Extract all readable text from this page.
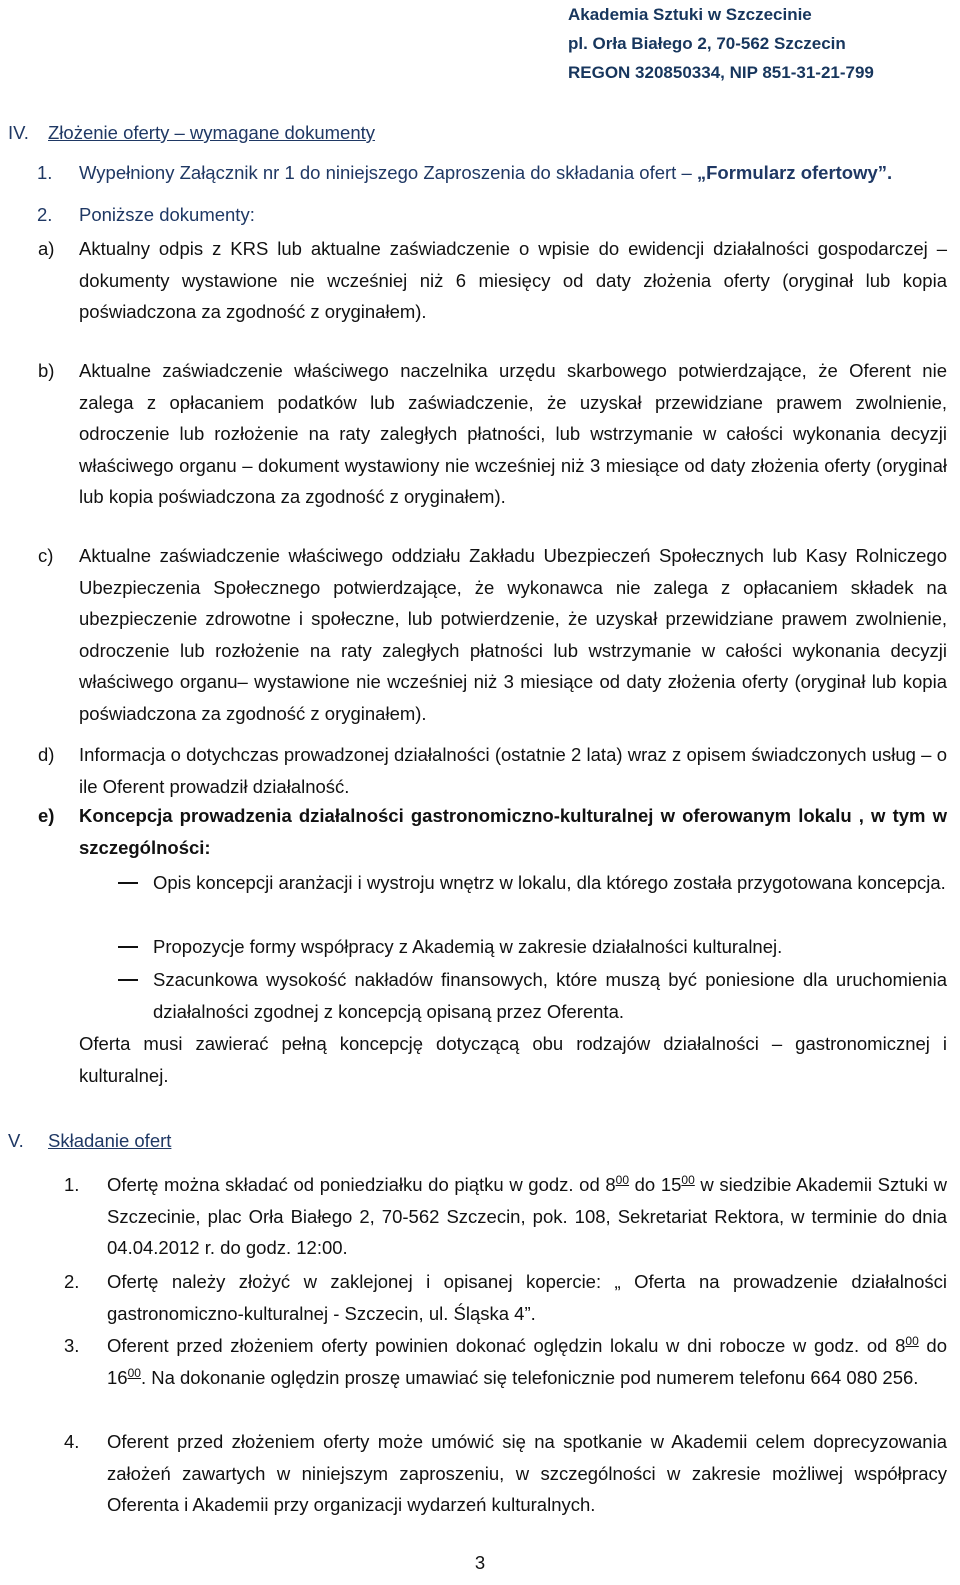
Akademia Sztuki w Szczecinie
pl. Orła Białego 2, 70-562 Szczecin
REGON 320850334, NIP 851-31-21-799
IV. Złożenie oferty – wymagane dokumenty
1. Wypełniony Załącznik nr 1 do niniejszego Zaproszenia do składania ofert – „Formularz ofertowy”.
2. Poniższe dokumenty:
a) Aktualny odpis z KRS lub aktualne zaświadczenie o wpisie do ewidencji działalności gospodarczej – dokumenty wystawione nie wcześniej niż 6 miesięcy od daty złożenia oferty (oryginał lub kopia poświadczona za zgodność z oryginałem).
b) Aktualne zaświadczenie właściwego naczelnika urzędu skarbowego potwierdzające, że Oferent nie zalega z opłacaniem podatków lub zaświadczenie, że uzyskał przewidziane prawem zwolnienie, odroczenie lub rozłożenie na raty zaległych płatności, lub wstrzymanie w całości wykonania decyzji właściwego organu – dokument wystawiony nie wcześniej niż 3 miesiące od daty złożenia oferty (oryginał lub kopia poświadczona za zgodność z oryginałem).
c) Aktualne zaświadczenie właściwego oddziału Zakładu Ubezpieczeń Społecznych lub Kasy Rolniczego Ubezpieczenia Społecznego potwierdzające, że wykonawca nie zalega z opłacaniem składek na ubezpieczenie zdrowotne i społeczne, lub potwierdzenie, że uzyskał przewidziane prawem zwolnienie, odroczenie lub rozłożenie na raty zaległych płatności lub wstrzymanie w całości wykonania decyzji właściwego organu– wystawione nie wcześniej niż 3 miesiące od daty złożenia oferty (oryginał lub kopia poświadczona za zgodność z oryginałem).
d) Informacja o dotychczas prowadzonej działalności (ostatnie 2 lata) wraz z opisem świadczonych usług – o ile Oferent prowadził działalność.
e) Koncepcja prowadzenia działalności gastronomiczno-kulturalnej w oferowanym lokalu , w tym w szczególności:
Opis koncepcji aranżacji i wystroju wnętrz w lokalu, dla którego została przygotowana koncepcja.
Propozycje formy współpracy z Akademią w zakresie działalności kulturalnej.
Szacunkowa wysokość nakładów finansowych, które muszą być poniesione dla uruchomienia działalności zgodnej z koncepcją opisaną przez Oferenta.
Oferta musi zawierać pełną koncepcję dotyczącą obu rodzajów działalności – gastronomicznej i kulturalnej.
V. Składanie ofert
1. Ofertę można składać od poniedziałku do piątku w godz. od $8^{00}$ do $15^{00}$ w siedzibie Akademii Sztuki w Szczecinie, plac Orła Białego 2, 70-562 Szczecin, pok. 108, Sekretariat Rektora, w terminie do dnia 04.04.2012 r. do godz. 12:00.
2. Ofertę należy złożyć w zaklejonej i opisanej kopercie: „ Oferta na prowadzenie działalności gastronomiczno-kulturalnej - Szczecin, ul. Śląska 4”.
3. Oferent przed złożeniem oferty powinien dokonać oględzin lokalu w dni robocze w godz. od $8^{00}$ do $16^{00}$. Na dokonanie oględzin proszę umawiać się telefonicznie pod numerem telefonu 664 080 256.
4. Oferent przed złożeniem oferty może umówić się na spotkanie w Akademii celem doprecyzowania założeń zawartych w niniejszym zaproszeniu, w szczególności w zakresie możliwej współpracy Oferenta i Akademii przy organizacji wydarzeń kulturalnych.
3
